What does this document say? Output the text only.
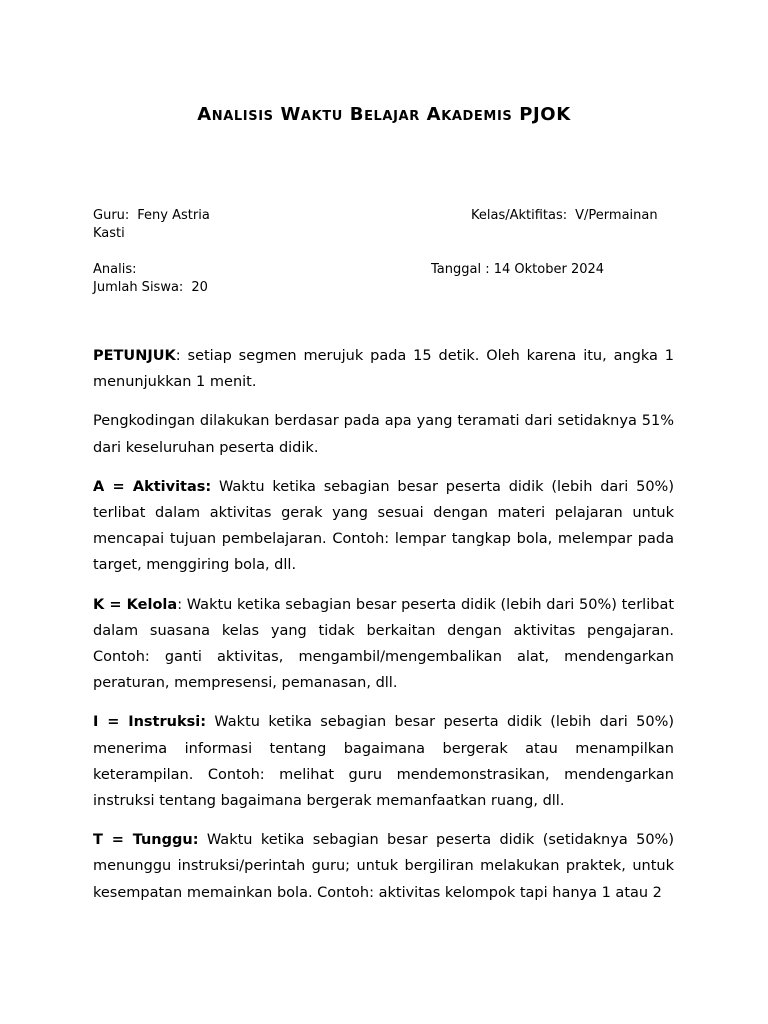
Analisis Waktu Belajar Akademis PJOK
Guru: Feny Astria	Kelas/Aktifitas: V/Permainan
Kasti
Analis:	Tanggal : 14 Oktober 2024
Jumlah Siswa: 20

PETUNJUK: setiap segmen merujuk pada 15 detik. Oleh karena itu, angka 1 menunjukkan 1 menit.

Pengkodingan dilakukan berdasar pada apa yang teramati dari setidaknya 51% dari keseluruhan peserta didik.

A = Aktivitas: Waktu ketika sebagian besar peserta didik (lebih dari 50%) terlibat dalam aktivitas gerak yang sesuai dengan materi pelajaran untuk mencapai tujuan pembelajaran. Contoh: lempar tangkap bola, melempar pada target, menggiring bola, dll.

K = Kelola: Waktu ketika sebagian besar peserta didik (lebih dari 50%) terlibat dalam suasana kelas yang tidak berkaitan dengan aktivitas pengajaran. Contoh: ganti aktivitas, mengambil/mengembalikan alat, mendengarkan peraturan, mempresensi, pemanasan, dll.

I = Instruksi: Waktu ketika sebagian besar peserta didik (lebih dari 50%) menerima informasi tentang bagaimana bergerak atau menampilkan keterampilan. Contoh: melihat guru mendemonstrasikan, mendengarkan instruksi tentang bagaimana bergerak memanfaatkan ruang, dll.

T = Tunggu: Waktu ketika sebagian besar peserta didik (setidaknya 50%) menunggu instruksi/perintah guru; untuk bergiliran melakukan praktek, untuk kesempatan memainkan bola. Contoh: aktivitas kelompok tapi hanya 1 atau 2
